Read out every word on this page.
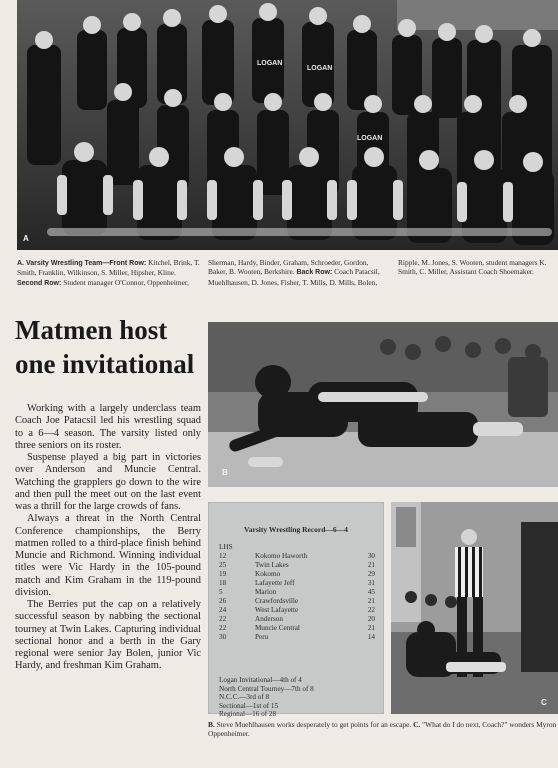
LOGAN
LOGAN
LOGAN
A
A. Varsity Wrestling Team—Front Row: Kitchel, Brink, T. Smith, Franklin, Wilkinson, S. Miller, Hipsher, Kline. Second Row: Student manager O'Connor, Oppenheimer,
Sherman, Hardy, Binder, Graham, Schroeder, Gordon, Baker, B. Wooten, Berkshire. Back Row: Coach Patacsil, Muehlhausen, D. Jones, Fisher, T. Mills, D. Mills, Bolen,
Ripple, M. Jones, S. Wooten, student managers K. Smith, C. Miller, Assistant Coach Shoemaker.
Matmen host
one invitational

Working with a largely underclass team Coach Joe Patacsil led his wrestling squad to a 6—4 season. The varsity listed only three seniors on its roster.

Suspense played a big part in victories over Anderson and Muncie Central. Watching the grapplers go down to the wire and then pull the meet out on the last event was a thrill for the large crowds of fans.

Always a threat in the North Central Conference championships, the Berry matmen rolled to a third-place finish behind Muncie and Richmond. Winning individual titles were Vic Hardy in the 105-pound match and Kim Graham in the 119-pound division.

The Berries put the cap on a relatively successful season by nabbing the sectional tourney at Twin Lakes. Capturing individual sectional honor and a berth in the Gary regional were senior Jay Bolen, junior Vic Hardy, and freshman Kim Graham.

B
Varsity Wrestling Record—6—4
LHS		
12	Kokomo Haworth	30
25	Twin Lakes	21
19	Kokomo	29
18	Lafayette Jeff	31
5	Marion	45
26	Crawfordsville	21
24	West Lafayette	22
22	Anderson	20
22	Muncie Central	21
30	Peru	14
Logan Invitational—4th of 4
North Central Tourney—7th of 8
N.C.C.—3rd of 8
Sectional—1st of 15
Regional—16 of 28
C
B. Steve Muehlhausen works desperately to get points for an escape. C. "What do I do next, Coach?" wonders Myron Oppenheimer.
